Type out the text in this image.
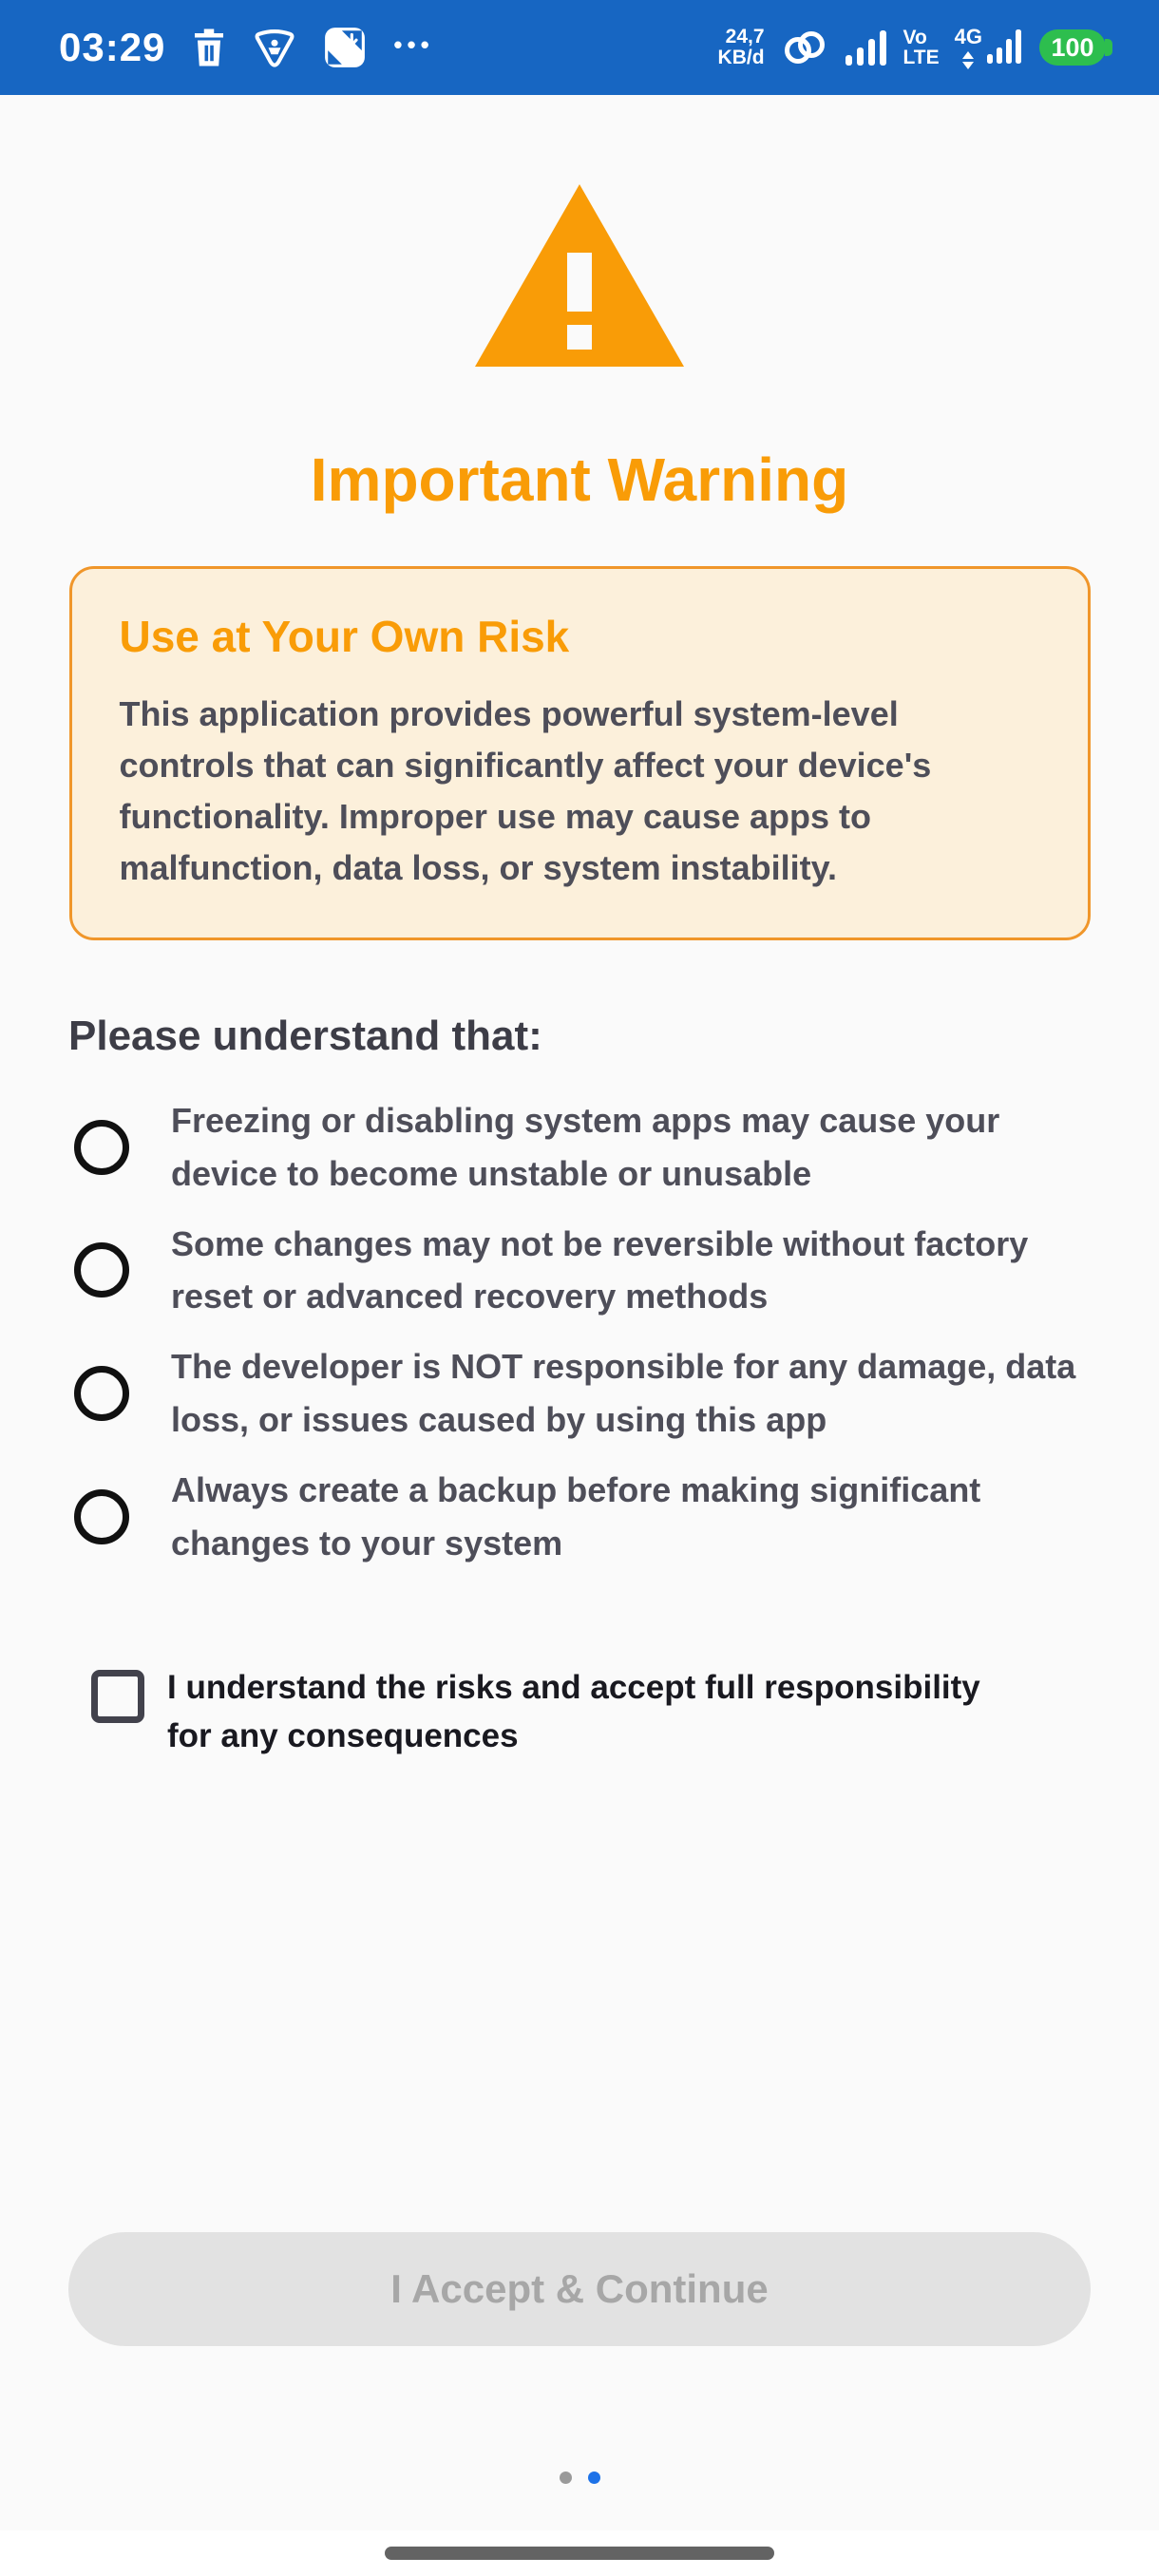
03:29	•••	24,7
KB/d
Vo
LTE
4G	100
Important Warning
Use at Your Own Risk

This application provides powerful system-level controls that can significantly affect your device's functionality. Improper use may cause apps to malfunction, data loss, or system instability.

Please understand that:
Freezing or disabling system apps may cause your device to become unstable or unusable
Some changes may not be reversible without factory reset or advanced recovery methods
The developer is NOT responsible for any damage, data loss, or issues caused by using this app
Always create a backup before making significant changes to your system
I understand the risks and accept full responsibility for any consequences
I Accept & Continue
